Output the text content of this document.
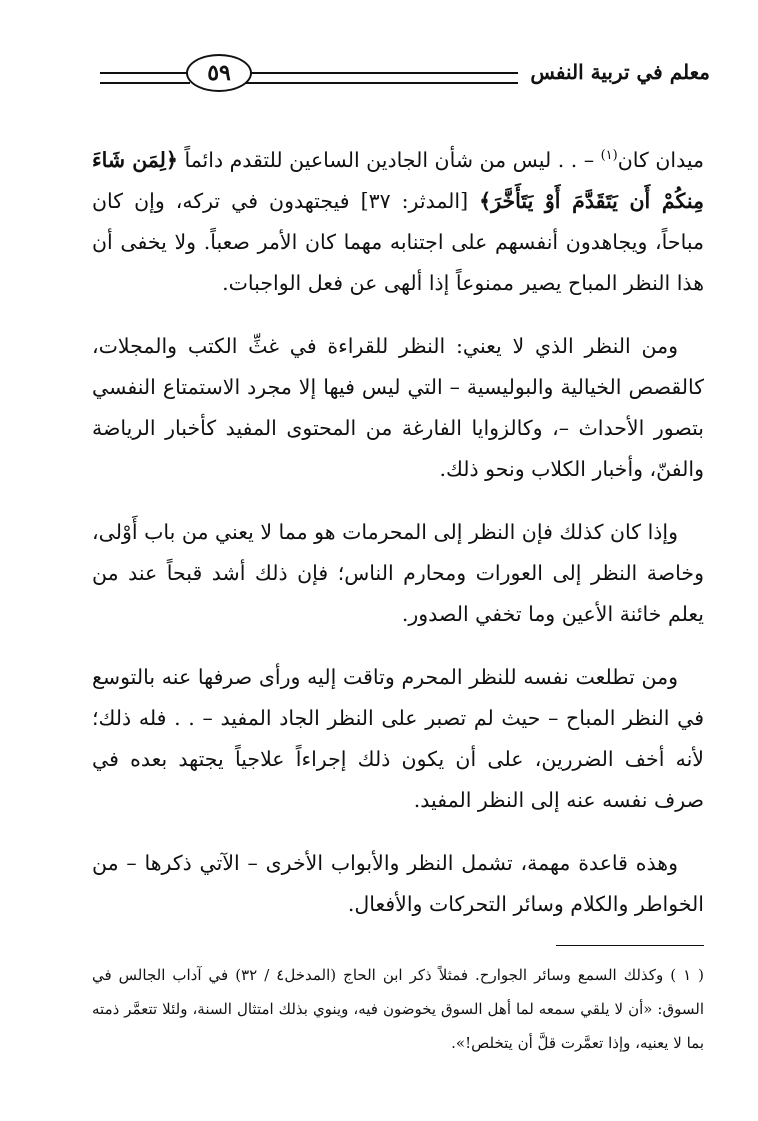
معلم في تربية النفس
٥٩

ميدان كان$^{(١)}$ – . . ليس من شأن الجادين الساعين للتقدم دائماً ﴿لِمَن شَاءَ مِنكُمْ أَن يَتَقَدَّمَ أَوْ يَتَأَخَّرَ﴾ [المدثر: ٣٧] فيجتهدون في تركه، وإن كان مباحاً، ويجاهدون أنفسهم على اجتنابه مهما كان الأمر صعباً. ولا يخفى أن هذا النظر المباح يصير ممنوعاً إذا ألهى عن فعل الواجبات.

ومن النظر الذي لا يعني: النظر للقراءة في غثِّ الكتب والمجلات، كالقصص الخيالية والبوليسية – التي ليس فيها إلا مجرد الاستمتاع النفسي بتصور الأحداث –، وكالزوايا الفارغة من المحتوى المفيد كأخبار الرياضة والفنّ، وأخبار الكلاب ونحو ذلك.

وإذا كان كذلك فإن النظر إلى المحرمات هو مما لا يعني من باب أَوْلى، وخاصة النظر إلى العورات ومحارم الناس؛ فإن ذلك أشد قبحاً عند من يعلم خائنة الأعين وما تخفي الصدور.

ومن تطلعت نفسه للنظر المحرم وتاقت إليه ورأى صرفها عنه بالتوسع في النظر المباح – حيث لم تصبر على النظر الجاد المفيد – . . فله ذلك؛ لأنه أخف الضررين، على أن يكون ذلك إجراءاً علاجياً يجتهد بعده في صرف نفسه عنه إلى النظر المفيد.

وهذه قاعدة مهمة، تشمل النظر والأبواب الأخرى – الآتي ذكرها – من الخواطر والكلام وسائر التحركات والأفعال.

( ١ ) وكذلك السمع وسائر الجوارح. فمثلاً ذكر ابن الحاج (المدخل٤ / ٣٢) في آداب الجالس في السوق: «أن لا يلقي سمعه لما أهل السوق يخوضون فيه، وينوي بذلك امتثال السنة، ولئلا تتعمَّر ذمته بما لا يعنيه، وإذا تعمَّرت قلَّ أن يتخلص!».
